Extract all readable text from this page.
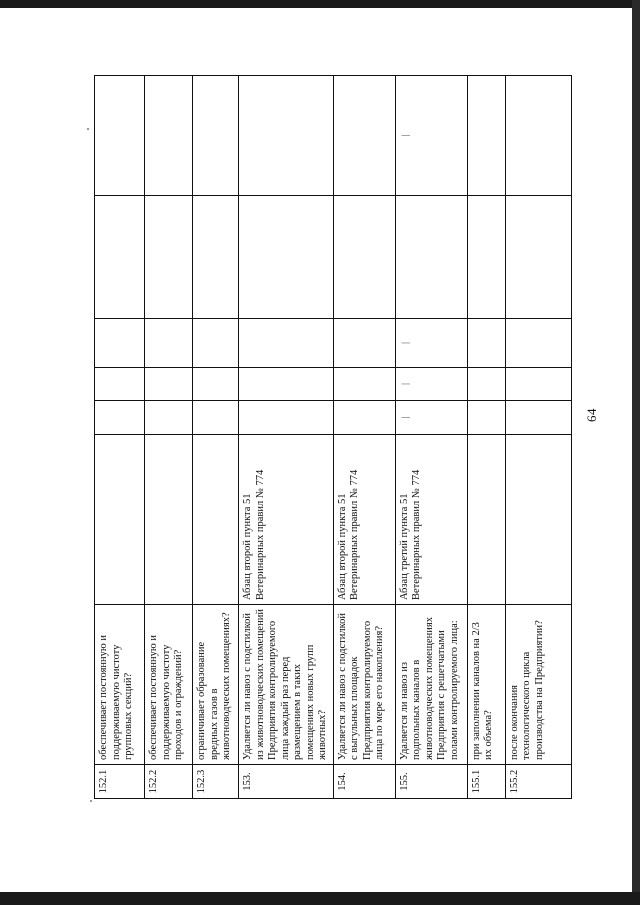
64
152.1	обеспечивает постоянную и поддерживаемую чистоту групповых секций?						
152.2	обеспечивает постоянную и поддерживаемую чистоту проходов и ограждений?						
152.3	ограничивает образование вредных газов в животноводческих помещениях?						
153.	Удаляется ли навоз с подстилкой из животноводческих помещений Предприятия контролируемого лица каждый раз перед размещением в таких помещениях новых групп животных?	Абзац второй пункта 51 Ветеринарных правил № 774					
154.	Удаляется ли навоз с подстилкой с выгульных площадок Предприятия контролируемого лица по мере его накопления?	Абзац второй пункта 51 Ветеринарных правил № 774					
155.	Удаляется ли навоз из подпольных каналов в животноводческих помещениях Предприятия с решетчатыми полами контролируемого лица:	Абзац третий пункта 51 Ветеринарных правил № 774	|	|	|		|
155.1	при заполнении каналов на 2/3 их объема?						
155.2	после окончания технологического цикла производства на Предприятии?						
